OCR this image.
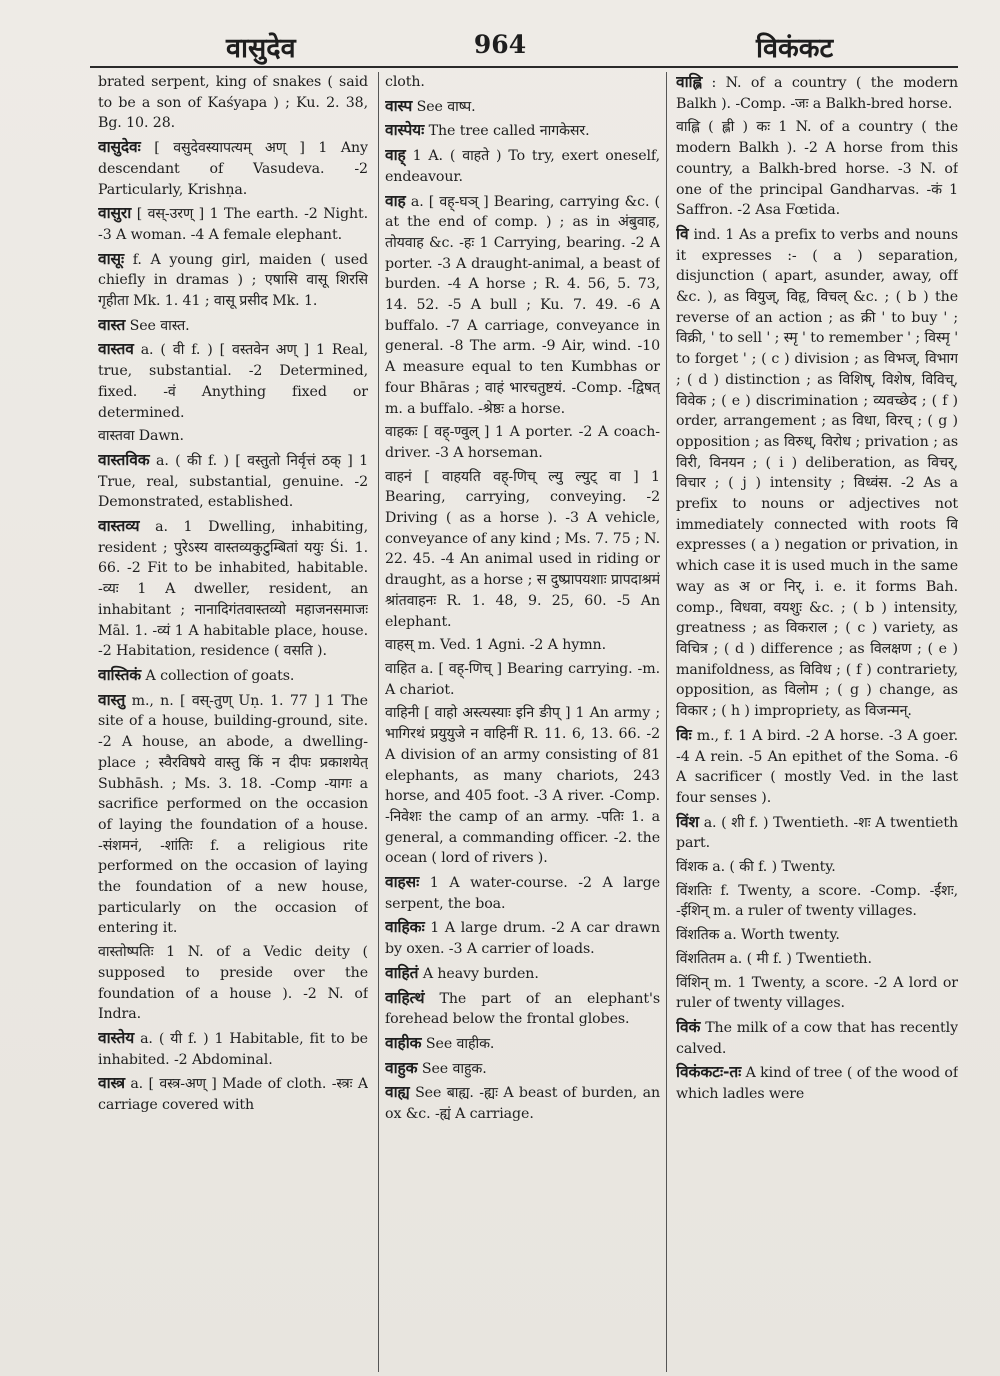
वासुदेव	964	विकंकट

brated serpent, king of snakes ( said to be a son of Kaśyapa ) ; Ku. 2. 38, Bg. 10. 28.

वासुदेवः [ वसुदेवस्यापत्यम् अण् ] 1 Any descendant of Vasudeva. -2 Particularly, Krishṇa.

वासुरा [ वस्-उरण् ] 1 The earth. -2 Night. -3 A woman. -4 A female elephant.

वासूः f. A young girl, maiden ( used chiefly in dramas ) ; एषासि वासू शिरसि गृहीता Mk. 1. 41 ; वासू प्रसीद Mk. 1.

वास्त See वास्त.

वास्तव a. ( वी f. ) [ वस्तवेन अण् ] 1 Real, true, substantial. -2 Determined, fixed. -वं Anything fixed or determined.

वास्तवा Dawn.

वास्तविक a. ( की f. ) [ वस्तुतो निर्वृत्तं ठक् ] 1 True, real, substantial, genuine. -2 Demonstrated, established.

वास्तव्य a. 1 Dwelling, inhabiting, resident ; पुरेऽस्य वास्तव्यकुटुम्बितां ययुः Śi. 1. 66. -2 Fit to be inhabited, habitable. -व्यः 1 A dweller, resident, an inhabitant ; नानादिगंतवास्तव्यो महाजनसमाजः Māl. 1. -व्यं 1 A habitable place, house. -2 Habitation, residence ( वसति ).

वास्तिकं A collection of goats.

वास्तु m., n. [ वस्-तुण् Uṇ. 1. 77 ] 1 The site of a house, building-ground, site. -2 A house, an abode, a dwelling-place ; स्वैरविषये वास्तु किं न दीपः प्रकाशयेत् Subhāsh. ; Ms. 3. 18. -Comp -यागः a sacrifice performed on the occasion of laying the foundation of a house. -संशमनं, -शांतिः f. a religious rite performed on the occasion of laying the foundation of a new house, particularly on the occasion of entering it.

वास्तोष्पतिः 1 N. of a Vedic deity ( supposed to preside over the foundation of a house ). -2 N. of Indra.

वास्तेय a. ( यी f. ) 1 Habitable, fit to be inhabited. -2 Abdominal.

वास्त्र a. [ वस्त्र-अण् ] Made of cloth. -स्त्रः A carriage covered with

cloth.

वास्प See वाष्प.

वास्पेयः The tree called नागकेसर.

वाह् 1 A. ( वाहते ) To try, exert oneself, endeavour.

वाह a. [ वह्-घञ् ] Bearing, carrying &c. ( at the end of comp. ) ; as in अंबुवाह, तोयवाह &c. -हः 1 Carrying, bearing. -2 A porter. -3 A draught-animal, a beast of burden. -4 A horse ; R. 4. 56, 5. 73, 14. 52. -5 A bull ; Ku. 7. 49. -6 A buffalo. -7 A carriage, conveyance in general. -8 The arm. -9 Air, wind. -10 A measure equal to ten Kumbhas or four Bhāras ; वाहं भारचतुष्टयं. -Comp. -द्विषत् m. a buffalo. -श्रेष्ठः a horse.

वाहकः [ वह्-ण्वुल् ] 1 A porter. -2 A coach-driver. -3 A horseman.

वाहनं [ वाहयति वह्-णिच् ल्यु ल्युट् वा ] 1 Bearing, carrying, conveying. -2 Driving ( as a horse ). -3 A vehicle, conveyance of any kind ; Ms. 7. 75 ; N. 22. 45. -4 An animal used in riding or draught, as a horse ; स दुष्प्रापयशाः प्रापदाश्रमं श्रांतवाहनः R. 1. 48, 9. 25, 60. -5 An elephant.

वाहस् m. Ved. 1 Agni. -2 A hymn.

वाहित a. [ वह्-णिच् ] Bearing carrying. -m. A chariot.

वाहिनी [ वाहो अस्त्यस्याः इनि ङीप् ] 1 An army ; भागिरथं प्रयुयुजे न वाहिनीं R. 11. 6, 13. 66. -2 A division of an army consisting of 81 elephants, as many chariots, 243 horse, and 405 foot. -3 A river. -Comp. -निवेशः the camp of an army. -पतिः 1. a general, a commanding officer. -2. the ocean ( lord of rivers ).

वाहसः 1 A water-course. -2 A large serpent, the boa.

वाहिकः 1 A large drum. -2 A car drawn by oxen. -3 A carrier of loads.

वाहितं A heavy burden.

वाहित्थं The part of an elephant's forehead below the frontal globes.

वाहीक See वाहीक.

वाहुक See वाहुक.

वाह्य See बाह्य. -ह्यः A beast of burden, an ox &c. -ह्यं A carriage.

वाह्लि : N. of a country ( the modern Balkh ). -Comp. -जः a Balkh-bred horse.

वाह्लि ( ह्ली ) कः 1 N. of a country ( the modern Balkh ). -2 A horse from this country, a Balkh-bred horse. -3 N. of one of the principal Gandharvas. -कं 1 Saffron. -2 Asa Fœtida.

वि ind. 1 As a prefix to verbs and nouns it expresses :- ( a ) separation, disjunction ( apart, asunder, away, off &c. ), as वियुज्, विहृ, विचल् &c. ; ( b ) the reverse of an action ; as क्री ' to buy ' ; विक्री, ' to sell ' ; स्मृ ' to remember ' ; विस्मृ ' to forget ' ; ( c ) division ; as विभज्, विभाग ; ( d ) distinction ; as विशिष्, विशेष, विविच्, विवेक ; ( e ) discrimination ; व्यवच्छेद ; ( f ) order, arrangement ; as विधा, विरच् ; ( g ) opposition ; as विरुध्, विरोध ; privation ; as विरी, विनयन ; ( i ) deliberation, as विचर्, विचार ; ( j ) intensity ; विध्वंस. -2 As a prefix to nouns or adjectives not immediately connected with roots वि expresses ( a ) negation or privation, in which case it is used much in the same way as अ or निर्, i. e. it forms Bah. comp., विधवा, वयशुः &c. ; ( b ) intensity, greatness ; as विकराल ; ( c ) variety, as विचित्र ; ( d ) difference ; as विलक्षण ; ( e ) manifoldness, as विविध ; ( f ) contrariety, opposition, as विलोम ; ( g ) change, as विकार ; ( h ) impropriety, as विजन्मन्.

विः m., f. 1 A bird. -2 A horse. -3 A goer. -4 A rein. -5 An epithet of the Soma. -6 A sacrificer ( mostly Ved. in the last four senses ).

विंश a. ( शी f. ) Twentieth. -शः A twentieth part.

विंशक a. ( की f. ) Twenty.

विंशतिः f. Twenty, a score. -Comp. -ईशः, -ईशिन् m. a ruler of twenty villages.

विंशतिक a. Worth twenty.

विंशतितम a. ( मी f. ) Twentieth.

विंशिन् m. 1 Twenty, a score. -2 A lord or ruler of twenty villages.

विकं The milk of a cow that has recently calved.

विकंकटः-तः A kind of tree ( of the wood of which ladles were
